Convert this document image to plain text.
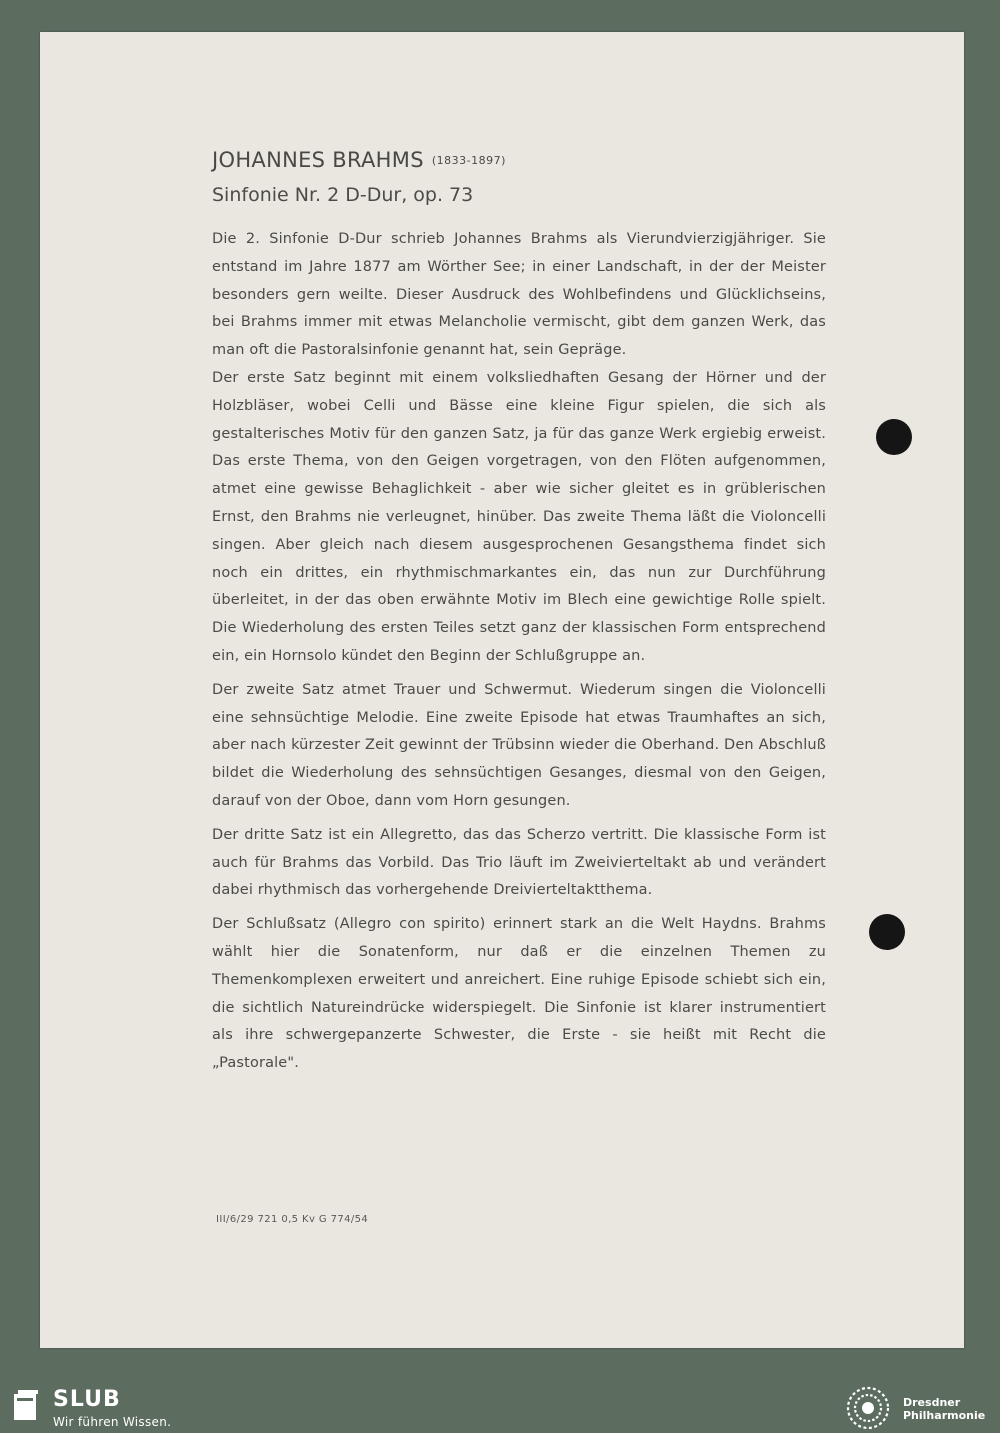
JOHANNES BRAHMS (1833-1897)
Sinfonie Nr. 2 D-Dur, op. 73

Die 2. Sinfonie D-Dur schrieb Johannes Brahms als Vierundvierzigjähriger. Sie entstand im Jahre 1877 am Wörther See; in einer Landschaft, in der der Meister besonders gern weilte. Dieser Ausdruck des Wohlbefindens und Glücklichseins, bei Brahms immer mit etwas Melancholie vermischt, gibt dem ganzen Werk, das man oft die Pastoralsinfonie genannt hat, sein Gepräge.

Der erste Satz beginnt mit einem volksliedhaften Gesang der Hörner und der Holzbläser, wobei Celli und Bässe eine kleine Figur spielen, die sich als gestalterisches Motiv für den ganzen Satz, ja für das ganze Werk ergiebig erweist. Das erste Thema, von den Geigen vorgetragen, von den Flöten aufgenommen, atmet eine gewisse Behaglichkeit - aber wie sicher gleitet es in grüblerischen Ernst, den Brahms nie verleugnet, hinüber. Das zweite Thema läßt die Violoncelli singen. Aber gleich nach diesem ausgesprochenen Gesangsthema findet sich noch ein drittes, ein rhythmischmarkantes ein, das nun zur Durchführung überleitet, in der das oben erwähnte Motiv im Blech eine gewichtige Rolle spielt. Die Wiederholung des ersten Teiles setzt ganz der klassischen Form entsprechend ein, ein Hornsolo kündet den Beginn der Schlußgruppe an.

Der zweite Satz atmet Trauer und Schwermut. Wiederum singen die Violoncelli eine sehnsüchtige Melodie. Eine zweite Episode hat etwas Traumhaftes an sich, aber nach kürzester Zeit gewinnt der Trübsinn wieder die Oberhand. Den Abschluß bildet die Wiederholung des sehnsüchtigen Gesanges, diesmal von den Geigen, darauf von der Oboe, dann vom Horn gesungen.

Der dritte Satz ist ein Allegretto, das das Scherzo vertritt. Die klassische Form ist auch für Brahms das Vorbild. Das Trio läuft im Zweivierteltakt ab und verändert dabei rhythmisch das vorhergehende Dreivierteltaktthema.

Der Schlußsatz (Allegro con spirito) erinnert stark an die Welt Haydns. Brahms wählt hier die Sonatenform, nur daß er die einzelnen Themen zu Themenkomplexen erweitert und anreichert. Eine ruhige Episode schiebt sich ein, die sichtlich Natureindrücke widerspiegelt. Die Sinfonie ist klarer instrumentiert als ihre schwergepanzerte Schwester, die Erste - sie heißt mit Recht die „Pastorale".

III/6/29 721 0,5 Kv G 774/54
SLUB
Wir führen Wissen.
Dresdner
Philharmonie
